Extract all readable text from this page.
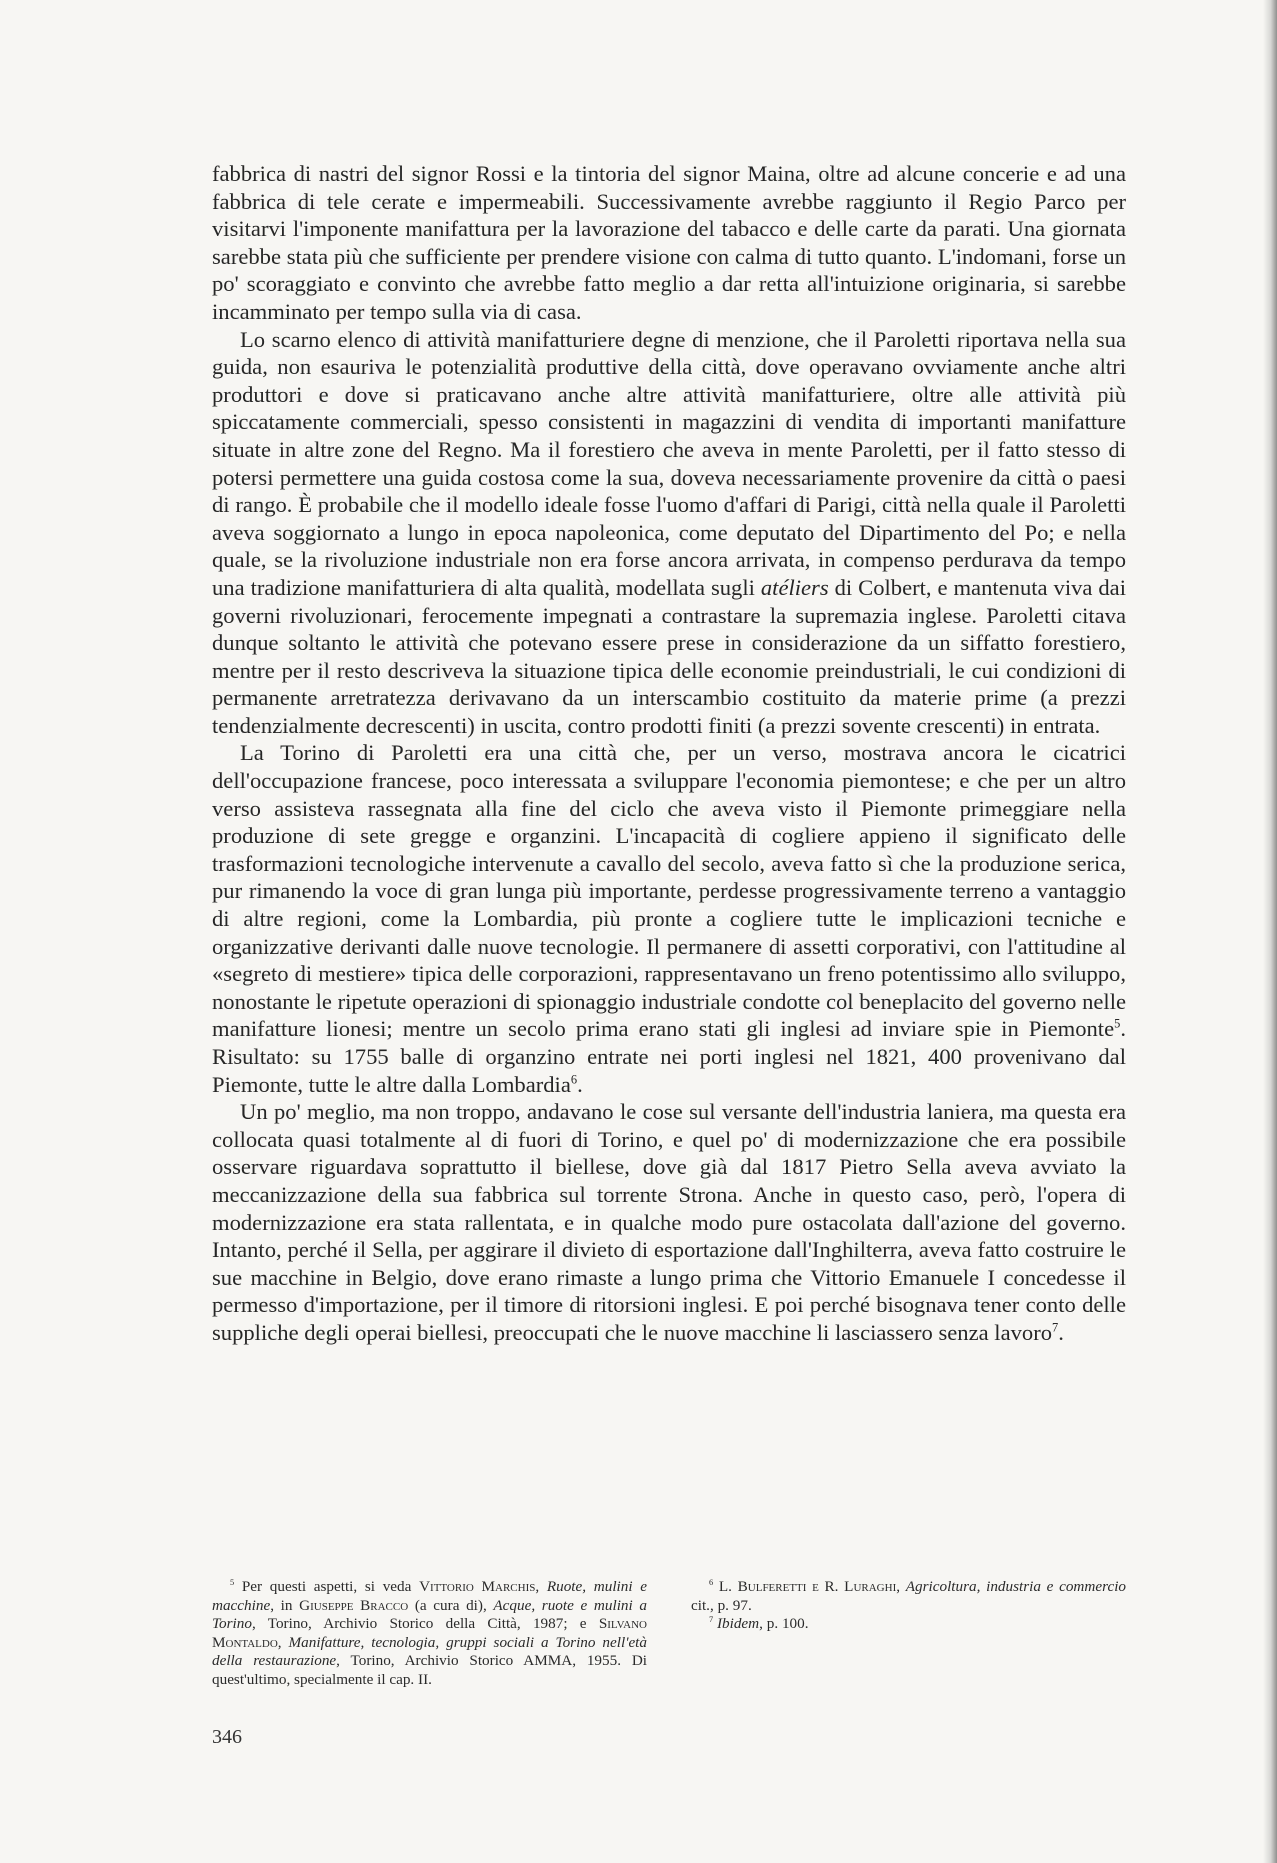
fabbrica di nastri del signor Rossi e la tintoria del signor Maina, oltre ad alcune concerie e ad una fabbrica di tele cerate e impermeabili. Successivamente avrebbe raggiunto il Regio Parco per visitarvi l'imponente manifattura per la lavorazione del tabacco e delle carte da parati. Una giornata sarebbe stata più che sufficiente per prendere visione con calma di tutto quanto. L'indomani, forse un po' scoraggiato e convinto che avrebbe fatto meglio a dar retta all'intuizione originaria, si sarebbe incamminato per tempo sulla via di casa.

Lo scarno elenco di attività manifatturiere degne di menzione, che il Paroletti riportava nella sua guida, non esauriva le potenzialità produttive della città, dove operavano ovviamente anche altri produttori e dove si praticavano anche altre attività manifatturiere, oltre alle attività più spiccatamente commerciali, spesso consistenti in magazzini di vendita di importanti manifatture situate in altre zone del Regno. Ma il forestiero che aveva in mente Paroletti, per il fatto stesso di potersi permettere una guida costosa come la sua, doveva necessariamente provenire da città o paesi di rango. È probabile che il modello ideale fosse l'uomo d'affari di Parigi, città nella quale il Paroletti aveva soggiornato a lungo in epoca napoleonica, come deputato del Dipartimento del Po; e nella quale, se la rivoluzione industriale non era forse ancora arrivata, in compenso perdurava da tempo una tradizione manifatturiera di alta qualità, modellata sugli atéliers di Colbert, e mantenuta viva dai governi rivoluzionari, ferocemente impegnati a contrastare la supremazia inglese. Paroletti citava dunque soltanto le attività che potevano essere prese in considerazione da un siffatto forestiero, mentre per il resto descriveva la situazione tipica delle economie preindustriali, le cui condizioni di permanente arretratezza derivavano da un interscambio costituito da materie prime (a prezzi tendenzialmente decrescenti) in uscita, contro prodotti finiti (a prezzi sovente crescenti) in entrata.

La Torino di Paroletti era una città che, per un verso, mostrava ancora le cicatrici dell'occupazione francese, poco interessata a sviluppare l'economia piemontese; e che per un altro verso assisteva rassegnata alla fine del ciclo che aveva visto il Piemonte primeggiare nella produzione di sete gregge e organzini. L'incapacità di cogliere appieno il significato delle trasformazioni tecnologiche intervenute a cavallo del secolo, aveva fatto sì che la produzione serica, pur rimanendo la voce di gran lunga più importante, perdesse progressivamente terreno a vantaggio di altre regioni, come la Lombardia, più pronte a cogliere tutte le implicazioni tecniche e organizzative derivanti dalle nuove tecnologie. Il permanere di assetti corporativi, con l'attitudine al «segreto di mestiere» tipica delle corporazioni, rappresentavano un freno potentissimo allo sviluppo, nonostante le ripetute operazioni di spionaggio industriale condotte col beneplacito del governo nelle manifatture lionesi; mentre un secolo prima erano stati gli inglesi ad inviare spie in Piemonte$^5$. Risultato: su 1755 balle di organzino entrate nei porti inglesi nel 1821, 400 provenivano dal Piemonte, tutte le altre dalla Lombardia$^6$.

Un po' meglio, ma non troppo, andavano le cose sul versante dell'industria laniera, ma questa era collocata quasi totalmente al di fuori di Torino, e quel po' di modernizzazione che era possibile osservare riguardava soprattutto il biellese, dove già dal 1817 Pietro Sella aveva avviato la meccanizzazione della sua fabbrica sul torrente Strona. Anche in questo caso, però, l'opera di modernizzazione era stata rallentata, e in qualche modo pure ostacolata dall'azione del governo. Intanto, perché il Sella, per aggirare il divieto di esportazione dall'Inghilterra, aveva fatto costruire le sue macchine in Belgio, dove erano rimaste a lungo prima che Vittorio Emanuele I concedesse il permesso d'importazione, per il timore di ritorsioni inglesi. E poi perché bisognava tener conto delle suppliche degli operai biellesi, preoccupati che le nuove macchine li lasciassero senza lavoro$^7$.

$^5$ Per questi aspetti, si veda Vittorio Marchis, Ruote, mulini e macchine, in Giuseppe Bracco (a cura di), Acque, ruote e mulini a Torino, Torino, Archivio Storico della Città, 1987; e Silvano Montaldo, Manifatture, tecnologia, gruppi sociali a Torino nell'età della restaurazione, Torino, Archivio Storico AMMA, 1955. Di quest'ultimo, specialmente il cap. II.

$^6$ L. Bulferetti e R. Luraghi, Agricoltura, industria e commercio cit., p. 97.

$^7$ Ibidem, p. 100.

346
